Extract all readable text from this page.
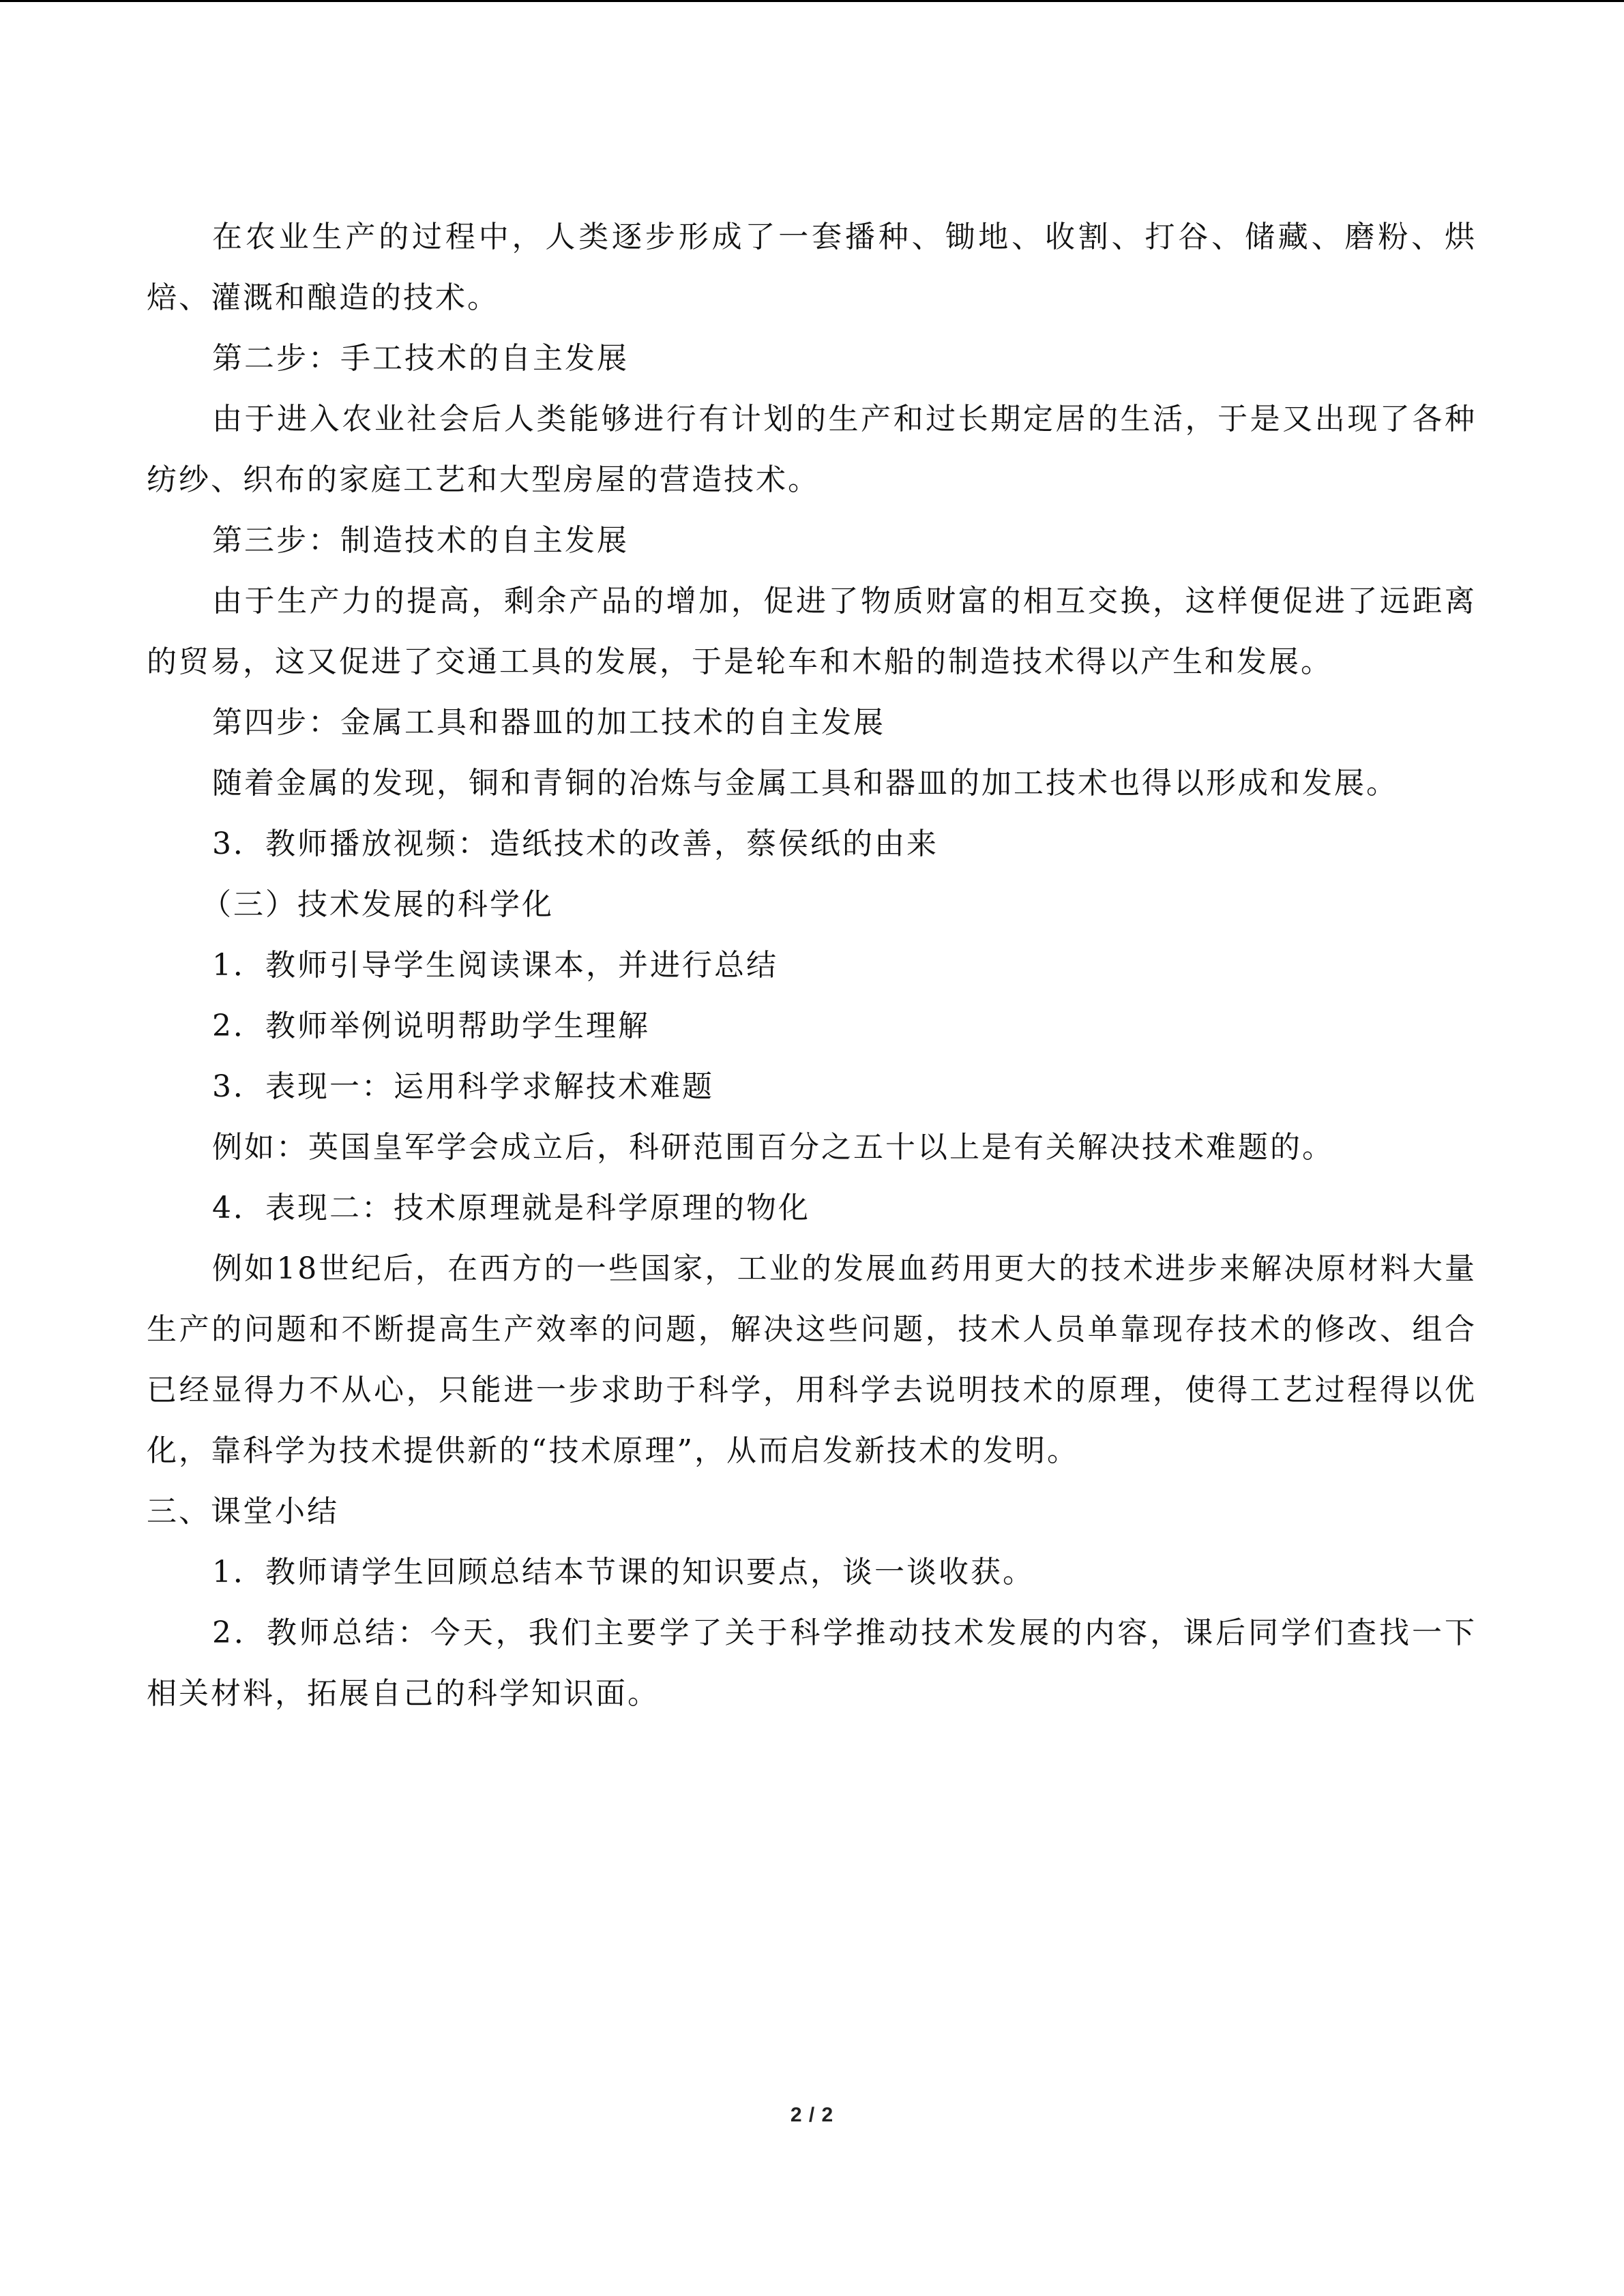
在农业生产的过程中，人类逐步形成了一套播种、锄地、收割、打谷、储藏、磨粉、烘焙、灌溉和酿造的技术。

第二步：手工技术的自主发展

由于进入农业社会后人类能够进行有计划的生产和过长期定居的生活，于是又出现了各种纺纱、织布的家庭工艺和大型房屋的营造技术。

第三步：制造技术的自主发展

由于生产力的提高，剩余产品的增加，促进了物质财富的相互交换，这样便促进了远距离的贸易，这又促进了交通工具的发展，于是轮车和木船的制造技术得以产生和发展。

第四步：金属工具和器皿的加工技术的自主发展

随着金属的发现，铜和青铜的冶炼与金属工具和器皿的加工技术也得以形成和发展。

3．教师播放视频：造纸技术的改善，蔡侯纸的由来

（三）技术发展的科学化

1．教师引导学生阅读课本，并进行总结

2．教师举例说明帮助学生理解

3．表现一：运用科学求解技术难题

例如：英国皇军学会成立后，科研范围百分之五十以上是有关解决技术难题的。

4．表现二：技术原理就是科学原理的物化

例如18世纪后，在西方的一些国家，工业的发展血药用更大的技术进步来解决原材料大量生产的问题和不断提高生产效率的问题，解决这些问题，技术人员单靠现存技术的修改、组合已经显得力不从心，只能进一步求助于科学，用科学去说明技术的原理，使得工艺过程得以优化，靠科学为技术提供新的“技术原理”，从而启发新技术的发明。

三、课堂小结

1．教师请学生回顾总结本节课的知识要点，谈一谈收获。

2．教师总结：今天，我们主要学了关于科学推动技术发展的内容，课后同学们查找一下相关材料，拓展自己的科学知识面。

2 / 2
